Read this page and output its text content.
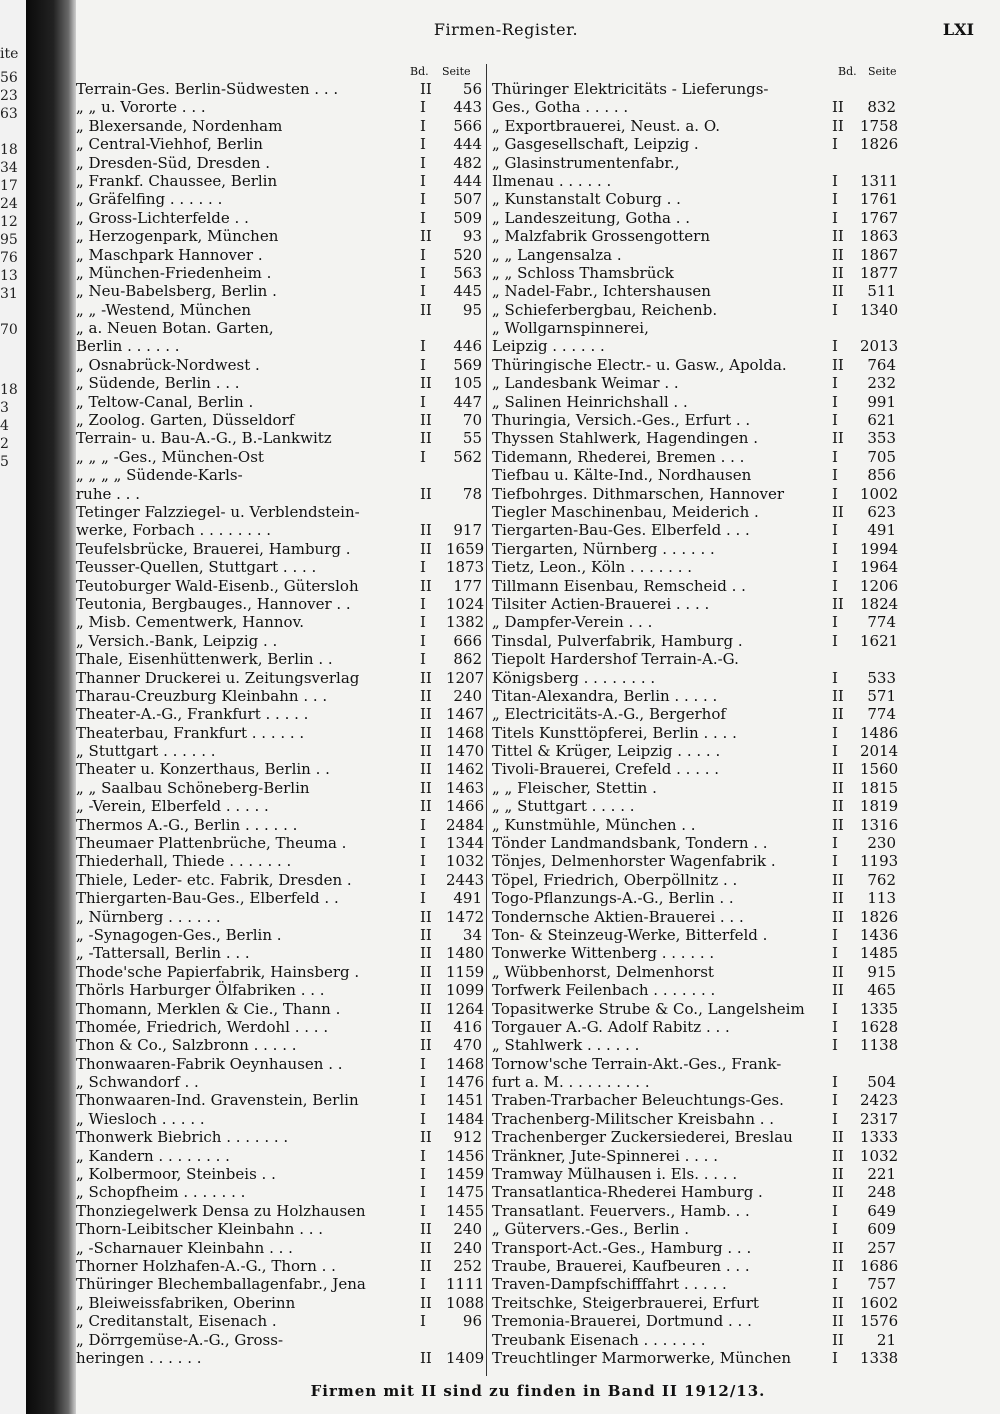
ite
56
23
63
18
34
17
24
12
95
76
13
31
70
18
3
4
2
5
Firmen-Register.	LXI
Bd. Seite
Terrain-Ges. Berlin-Südwesten . . .	II	56
„ „ u. Vororte . . .	I	443
„ Blexersande, Nordenham	I	566
„ Central-Viehhof, Berlin	I	444
„ Dresden-Süd, Dresden .	I	482
„ Frankf. Chaussee, Berlin	I	444
„ Gräfelfing . . . . . .	I	507
„ Gross-Lichterfelde . .	I	509
„ Herzogenpark, München	II	93
„ Maschpark Hannover .	I	520
„ München-Friedenheim .	I	563
„ Neu-Babelsberg, Berlin .	I	445
„ „ -Westend, München	II	95
„ a. Neuen Botan. Garten,
Berlin . . . . . .	I	446
„ Osnabrück-Nordwest .	I	569
„ Südende, Berlin . . .	II	105
„ Teltow-Canal, Berlin .	I	447
„ Zoolog. Garten, Düsseldorf	II	70
Terrain- u. Bau-A.-G., B.-Lankwitz	II	55
„ „ „ -Ges., München-Ost	I	562
„ „ „ „ Südende-Karls-
ruhe . . .	II	78
Tetinger Falzziegel- u. Verblendstein-
werke, Forbach . . . . . . . .	II	917
Teufelsbrücke, Brauerei, Hamburg .	II 1659
Teusser-Quellen, Stuttgart . . . .	I	1873
Teutoburger Wald-Eisenb., Gütersloh	II	177
Teutonia, Bergbauges., Hannover . .	I	1024
„ Misb. Cementwerk, Hannov.	I	1382
„ Versich.-Bank, Leipzig . .	I	666
Thale, Eisenhüttenwerk, Berlin . .	I	862
Thanner Druckerei u. Zeitungsverlag	II 1207
Tharau-Creuzburg Kleinbahn . . .	II	240
Theater-A.-G., Frankfurt . . . . .	II 1467
Theaterbau, Frankfurt . . . . . .	II 1468
„ Stuttgart . . . . . .	II 1470
Theater u. Konzerthaus, Berlin . .	II 1462
„ „ Saalbau Schöneberg-Berlin	II 1463
„ -Verein, Elberfeld . . . . .	II 1466
Thermos A.-G., Berlin . . . . . .	I	2484
Theumaer Plattenbrüche, Theuma .	I	1344
Thiederhall, Thiede . . . . . . .	I	1032
Thiele, Leder- etc. Fabrik, Dresden .	I	2443
Thiergarten-Bau-Ges., Elberfeld . .	I	491
„ Nürnberg . . . . . .	II 1472
„ -Synagogen-Ges., Berlin .	II	34
„ -Tattersall, Berlin . . .	II 1480
Thode'sche Papierfabrik, Hainsberg .	II 1159
Thörls Harburger Ölfabriken . . .	II 1099
Thomann, Merklen & Cie., Thann .	II 1264
Thomée, Friedrich, Werdohl . . . .	II	416
Thon & Co., Salzbronn . . . . .	II	470
Thonwaaren-Fabrik Oeynhausen . .	I	1468
„ Schwandorf . .	I	1476
Thonwaaren-Ind. Gravenstein, Berlin	I	1451
„ Wiesloch . . . . .	I	1484
Thonwerk Biebrich . . . . . . .	II	912
„ Kandern . . . . . . . .	I	1456
„ Kolbermoor, Steinbeis . .	I	1459
„ Schopfheim . . . . . . .	I	1475
Thonziegelwerk Densa zu Holzhausen	I	1455
Thorn-Leibitscher Kleinbahn . . .	II	240
„ -Scharnauer Kleinbahn . . .	II	240
Thorner Holzhafen-A.-G., Thorn . .	II	252
Thüringer Blechemballagenfabr., Jena	I	1111
„ Bleiweissfabriken, Oberinn	II 1088
„ Creditanstalt, Eisenach .	I	96
„ Dörrgemüse-A.-G., Gross-
heringen . . . . . .	II 1409
Bd. Seite
Thüringer Elektricitäts - Lieferungs-
Ges., Gotha . . . . .	II	832
„ Exportbrauerei, Neust. a. O.	II	1758
„ Gasgesellschaft, Leipzig .	I	1826
„ Glasinstrumentenfabr.,
Ilmenau . . . . . .	I	1311
„ Kunstanstalt Coburg . .	I	1761
„ Landeszeitung, Gotha . .	I	1767
„ Malzfabrik Grossengottern	II	1863
„ „ Langensalza .	II	1867
„ „ Schloss Thamsbrück	II	1877
„ Nadel-Fabr., Ichtershausen	II	511
„ Schieferbergbau, Reichenb.	I	1340
„ Wollgarnspinnerei,
Leipzig . . . . . .	I	2013
Thüringische Electr.- u. Gasw., Apolda.	II	764
„ Landesbank Weimar . .	I	232
„ Salinen Heinrichshall . .	I	991
Thuringia, Versich.-Ges., Erfurt . .	I	621
Thyssen Stahlwerk, Hagendingen .	II	353
Tidemann, Rhederei, Bremen . . .	I	705
Tiefbau u. Kälte-Ind., Nordhausen	I	856
Tiefbohrges. Dithmarschen, Hannover	I	1002
Tiegler Maschinenbau, Meiderich .	II	623
Tiergarten-Bau-Ges. Elberfeld . . .	I	491
Tiergarten, Nürnberg . . . . . .	I	1994
Tietz, Leon., Köln . . . . . . .	I	1964
Tillmann Eisenbau, Remscheid . .	I	1206
Tilsiter Actien-Brauerei . . . .	II	1824
„ Dampfer-Verein . . .	I	774
Tinsdal, Pulverfabrik, Hamburg .	I	1621
Tiepolt Hardershof Terrain-A.-G.
Königsberg . . . . . . . .	I	533
Titan-Alexandra, Berlin . . . . .	II	571
„ Electricitäts-A.-G., Bergerhof	II	774
Titels Kunsttöpferei, Berlin . . . .	I	1486
Tittel & Krüger, Leipzig . . . . .	I	2014
Tivoli-Brauerei, Crefeld . . . . .	II	1560
„ „ Fleischer, Stettin .	II	1815
„ „ Stuttgart . . . . .	II	1819
„ Kunstmühle, München . .	II	1316
Tönder Landmandsbank, Tondern . .	I	230
Tönjes, Delmenhorster Wagenfabrik .	I	1193
Töpel, Friedrich, Oberpöllnitz . .	II	762
Togo-Pflanzungs-A.-G., Berlin . .	II	113
Tondernsche Aktien-Brauerei . . .	II	1826
Ton- & Steinzeug-Werke, Bitterfeld .	I	1436
Tonwerke Wittenberg . . . . . .	I	1485
„ Wübbenhorst, Delmenhorst	II	915
Torfwerk Feilenbach . . . . . . .	II	465
Topasitwerke Strube & Co., Langelsheim	I	1335
Torgauer A.-G. Adolf Rabitz . . .	I	1628
„ Stahlwerk . . . . . .	I	1138
Tornow'sche Terrain-Akt.-Ges., Frank-
furt a. M. . . . . . . . . .	I	504
Traben-Trarbacher Beleuchtungs-Ges.	I	2423
Trachenberg-Militscher Kreisbahn . .	I	2317
Trachenberger Zuckersiederei, Breslau	II	1333
Tränkner, Jute-Spinnerei . . . .	II	1032
Tramway Mülhausen i. Els. . . . .	II	221
Transatlantica-Rhederei Hamburg .	II	248
Transatlant. Feuervers., Hamb. . .	I	649
„ Gütervers.-Ges., Berlin .	I	609
Transport-Act.-Ges., Hamburg . . .	II	257
Traube, Brauerei, Kaufbeuren . . .	II	1686
Traven-Dampfschifffahrt . . . . .	I	757
Treitschke, Steigerbrauerei, Erfurt	II	1602
Tremonia-Brauerei, Dortmund . . .	II	1576
Treubank Eisenach . . . . . . .	II	21
Treuchtlinger Marmorwerke, München	I	1338
Firmen mit II sind zu finden in Band II 1912/13.
